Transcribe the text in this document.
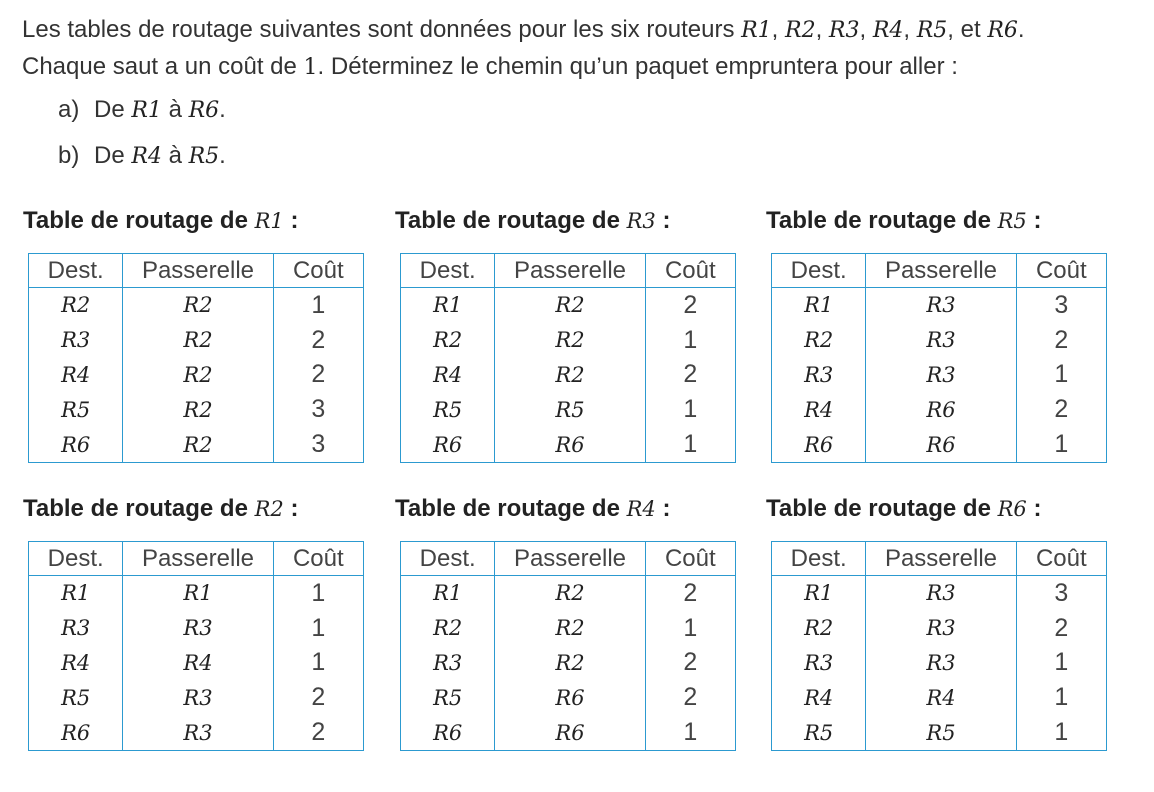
Les tables de routage suivantes sont données pour les six routeurs R1, R2, R3, R4, R5, et R6.

Chaque saut a un coût de 1. Déterminez le chemin qu’un paquet empruntera pour aller :

a) De R1 à R6.
b) De R4 à R5.
Table de routage de R1 :
Dest.	Passerelle	Coût
R2	R2	1
R3	R2	2
R4	R2	2
R5	R2	3
R6	R2	3
Table de routage de R3 :
Dest.	Passerelle	Coût
R1	R2	2
R2	R2	1
R4	R2	2
R5	R5	1
R6	R6	1
Table de routage de R5 :
Dest.	Passerelle	Coût
R1	R3	3
R2	R3	2
R3	R3	1
R4	R6	2
R6	R6	1
Table de routage de R2 :
Dest.	Passerelle	Coût
R1	R1	1
R3	R3	1
R4	R4	1
R5	R3	2
R6	R3	2
Table de routage de R4 :
Dest.	Passerelle	Coût
R1	R2	2
R2	R2	1
R3	R2	2
R5	R6	2
R6	R6	1
Table de routage de R6 :
Dest.	Passerelle	Coût
R1	R3	3
R2	R3	2
R3	R3	1
R4	R4	1
R5	R5	1
